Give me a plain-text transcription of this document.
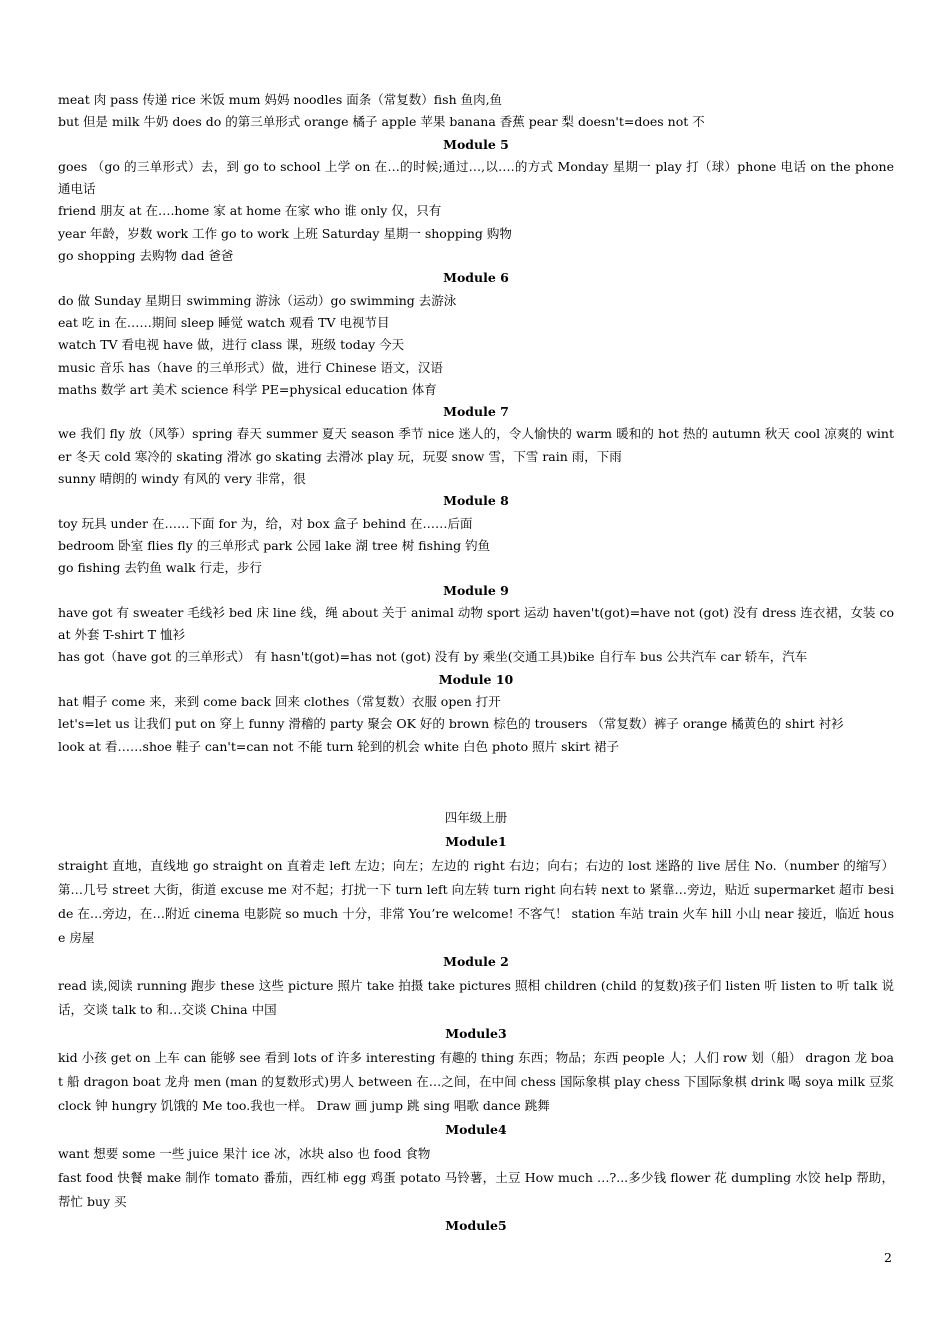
meat 肉 pass 传递 rice 米饭 mum 妈妈 noodles 面条（常复数）fish 鱼肉,鱼
but 但是 milk 牛奶 does do 的第三单形式 orange 橘子 apple 苹果 banana 香蕉 pear 梨 doesn't=does not 不
Module 5
goes （go 的三单形式）去，到 go to school 上学 on 在…的时候;通过…,以….的方式 Monday 星期一 play 打（球）phone 电话 on the phone 通电话
friend 朋友 at 在….home 家 at home 在家 who 谁 only 仅，只有
year 年龄，岁数 work 工作 go to work 上班 Saturday 星期一 shopping 购物
go shopping 去购物 dad 爸爸
Module 6
do 做 Sunday 星期日 swimming 游泳（运动）go swimming 去游泳
eat 吃 in 在……期间 sleep 睡觉 watch 观看 TV 电视节目
watch TV 看电视 have 做，进行 class 课，班级 today 今天
music 音乐 has（have 的三单形式）做，进行 Chinese 语文，汉语
maths 数学 art 美术 science 科学 PE=physical education 体育
Module 7
we 我们 fly 放（风筝）spring 春天 summer 夏天 season 季节 nice 迷人的，令人愉快的 warm 暖和的 hot 热的 autumn 秋天 cool 凉爽的 winter 冬天 cold 寒冷的 skating 滑冰 go skating 去滑冰 play 玩，玩耍 snow 雪，下雪 rain 雨，下雨
sunny 晴朗的 windy 有风的 very 非常，很
Module 8
toy 玩具 under 在……下面 for 为，给，对 box 盒子 behind 在……后面
bedroom 卧室 flies fly 的三单形式 park 公园 lake 湖 tree 树 fishing 钓鱼
go fishing 去钓鱼 walk 行走，步行
Module 9
have got 有 sweater 毛线衫 bed 床 line 线，绳 about 关于 animal 动物 sport 运动 haven't(got)=have not (got) 没有 dress 连衣裙，女装 coat 外套 T-shirt T 恤衫
has got（have got 的三单形式） 有 hasn't(got)=has not (got) 没有 by 乘坐(交通工具)bike 自行车 bus 公共汽车 car 轿车，汽车
Module 10
hat 帽子 come 来，来到 come back 回来 clothes（常复数）衣服 open 打开
let's=let us 让我们 put on 穿上 funny 滑稽的 party 聚会 OK 好的 brown 棕色的 trousers （常复数）裤子 orange 橘黄色的 shirt 衬衫
look at 看……shoe 鞋子 can't=can not 不能 turn 轮到的机会 white 白色 photo 照片 skirt 裙子
四年级上册
Module1
straight 直地，直线地 go straight on 直着走 left 左边；向左；左边的 right 右边；向右；右边的 lost 迷路的 live 居住 No.（number 的缩写）第…几号 street 大街，街道 excuse me 对不起；打扰一下 turn left 向左转 turn right 向右转 next to 紧靠…旁边，贴近 supermarket 超市 beside 在…旁边，在…附近 cinema 电影院 so much 十分，非常 You’re welcome! 不客气！ station 车站 train 火车 hill 小山 near 接近，临近 house 房屋
Module 2
read 读,阅读 running 跑步 these 这些 picture 照片 take 拍摄 take pictures 照相 children (child 的复数)孩子们 listen 听 listen to 听 talk 说话，交谈 talk to 和…交谈 China 中国
Module3
kid 小孩 get on 上车 can 能够 see 看到 lots of 许多 interesting 有趣的 thing 东西；物品；东西 people 人；人们 row 划（船） dragon 龙 boat 船 dragon boat 龙舟 men (man 的复数形式)男人 between 在…之间，在中间 chess 国际象棋 play chess 下国际象棋 drink 喝 soya milk 豆浆 clock 钟 hungry 饥饿的 Me too.我也一样。 Draw 画 jump 跳 sing 唱歌 dance 跳舞
Module4
want 想要 some 一些 juice 果汁 ice 冰，冰块 also 也 food 食物
fast food 快餐 make 制作 tomato 番茄，西红柿 egg 鸡蛋 potato 马铃薯，土豆 How much …?...多少钱 flower 花 dumpling 水饺 help 帮助，帮忙 buy 买
Module5
2
